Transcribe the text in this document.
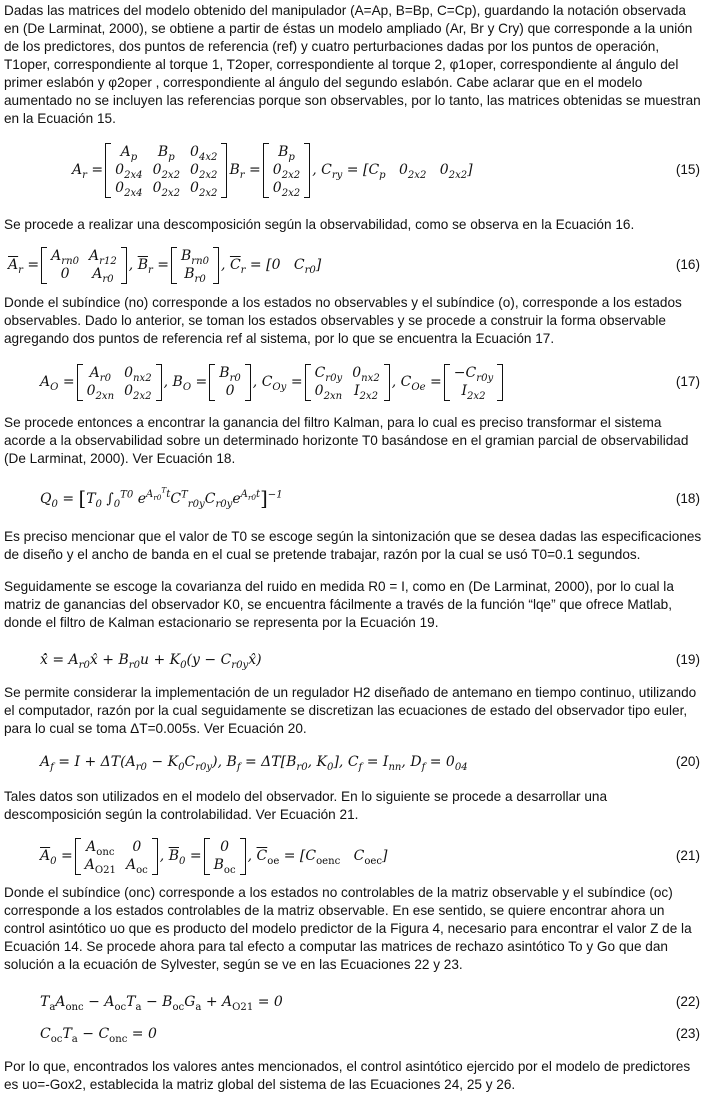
Dadas las matrices del modelo obtenido del manipulador (A=Ap, B=Bp, C=Cp), guardando la notación observada en (De Larminat, 2000), se obtiene a partir de éstas un modelo ampliado (Ar, Br y Cry) que corresponde a la unión de los predictores, dos puntos de referencia (ref) y cuatro perturbaciones dadas por los puntos de operación, T1oper, correspondiente al torque 1, T2oper, correspondiente al torque 2, φ1oper, correspondiente al ángulo del primer eslabón y φ2oper , correspondiente al ángulo del segundo eslabón. Cabe aclarar que en el modelo aumentado no se incluyen las referencias porque son observables, por lo tanto, las matrices obtenidas se muestran en la Ecuación 15.

$A_r$ =
$A_p$	$B_p$	$0_{4x2}$
$0_{2x4}$ $0_{2x2}$ $0_{2x2}$
$0_{2x4}$ $0_{2x2}$ $0_{2x2}$
$B_r$ =
$B_p$
$0_{2x2}$
$0_{2x2}$
, $C_{ry} = [C_p$   $0_{2x2}$   $0_{2x2}$]	(15)

Se procede a realizar una descomposición según la observabilidad, como se observa en la Ecuación 16.

$\overline{A}_r$ =
$A_{rn0}$ $A_{r12}$
0	$A_{r0}$
, $\overline{B}_r$ =
$B_{rn0}$
$B_{r0}$
, $\overline{C}_r = [0$   $C_{r0}$]	(16)

Donde el subíndice (no) corresponde a los estados no observables y el subíndice (o), corresponde a los estados observables. Dado lo anterior, se toman los estados observables y se procede a construir la forma observable agregando dos puntos de referencia ref al sistema, por lo que se encuentra la Ecuación 17.

$A_O$ =
$A_{r0}$ $0_{nx2}$
$0_{2xn}$ $0_{2x2}$
, $B_O$ =
$B_{r0}$
0
, $C_{Oy}$ =
$C_{r0y}$ $0_{nx2}$
$0_{2xn}$ $I_{2x2}$
, $C_{Oe}$ =
$-C_{r0y}$
$I_{2x2}$
(17)

Se procede entonces a encontrar la ganancia del filtro Kalman, para lo cual es preciso transformar el sistema acorde a la observabilidad sobre un determinado horizonte T0 basándose en el gramian parcial de observabilidad (De Larminat, 2000). Ver Ecuación 18.

$Q_0 = [T_0$ $\int_0^{T0}$ $e^{A_{r0}^Tt}C^T_{r0y}C_{r0y}e^{A_{r0}t}]^{-1}$	(18)

Es preciso mencionar que el valor de T0 se escoge según la sintonización que se desea dadas las especificaciones de diseño y el ancho de banda en el cual se pretende trabajar, razón por la cual se usó T0=0.1 segundos.

Seguidamente se escoge la covarianza del ruido en medida R0 = I, como en (De Larminat, 2000), por lo cual la matriz de ganancias del observador K0, se encuentra fácilmente a través de la función “lqe” que ofrece Matlab, donde el filtro de Kalman estacionario se representa por la Ecuación 19.

x̂̇ = $A_{r0}x̂ + B_{r0}u + K_0(y$ − $C_{r0y}x̂$)	(19)

Se permite considerar la implementación de un regulador H2 diseñado de antemano en tiempo continuo, utilizando el computador, razón por la cual seguidamente se discretizan las ecuaciones de estado del observador tipo euler, para lo cual se toma ΔT=0.005s. Ver Ecuación 20.

$A_f = I + \Delta T(A_{r0} - K_0C_{r0y})$, $B_f = \Delta T[B_{r0}$, $K_0$], $C_f = I_{nn}$, $D_f = 0_{04}$	(20)

Tales datos son utilizados en el modelo del observador. En lo siguiente se procede a desarrollar una descomposición según la controlabilidad. Ver Ecuación 21.

$\overline{A}_0$ =
$A_{onc}$	0
$A_{O21}$ $A_{oc}$
, $\overline{B}_0$ =
0
$B_{oc}$
, $\overline{C}_{oe} = [C_{oenc}$ $C_{oec}$]	(21)

Donde el subíndice (onc) corresponde a los estados no controlables de la matriz observable y el subíndice (oc) corresponde a los estados controlables de la matriz observable. En ese sentido, se quiere encontrar ahora un control asintótico uo que es producto del modelo predictor de la Figura 4, necesario para encontrar el valor Z de la Ecuación 14. Se procede ahora para tal efecto a computar las matrices de rechazo asintótico To y Go que dan solución a la ecuación de Sylvester, según se ve en las Ecuaciones 22 y 23.

$T_aA_{onc} - A_{oc}T_a - B_{oc}G_a + A_{O21} = 0$	(22)
$C_{oc}T_a - C_{onc} = 0$	(23)

Por lo que, encontrados los valores antes mencionados, el control asintótico ejercido por el modelo de predictores es uo=-Gox2, establecida la matriz global del sistema de las Ecuaciones 24, 25 y 26.
